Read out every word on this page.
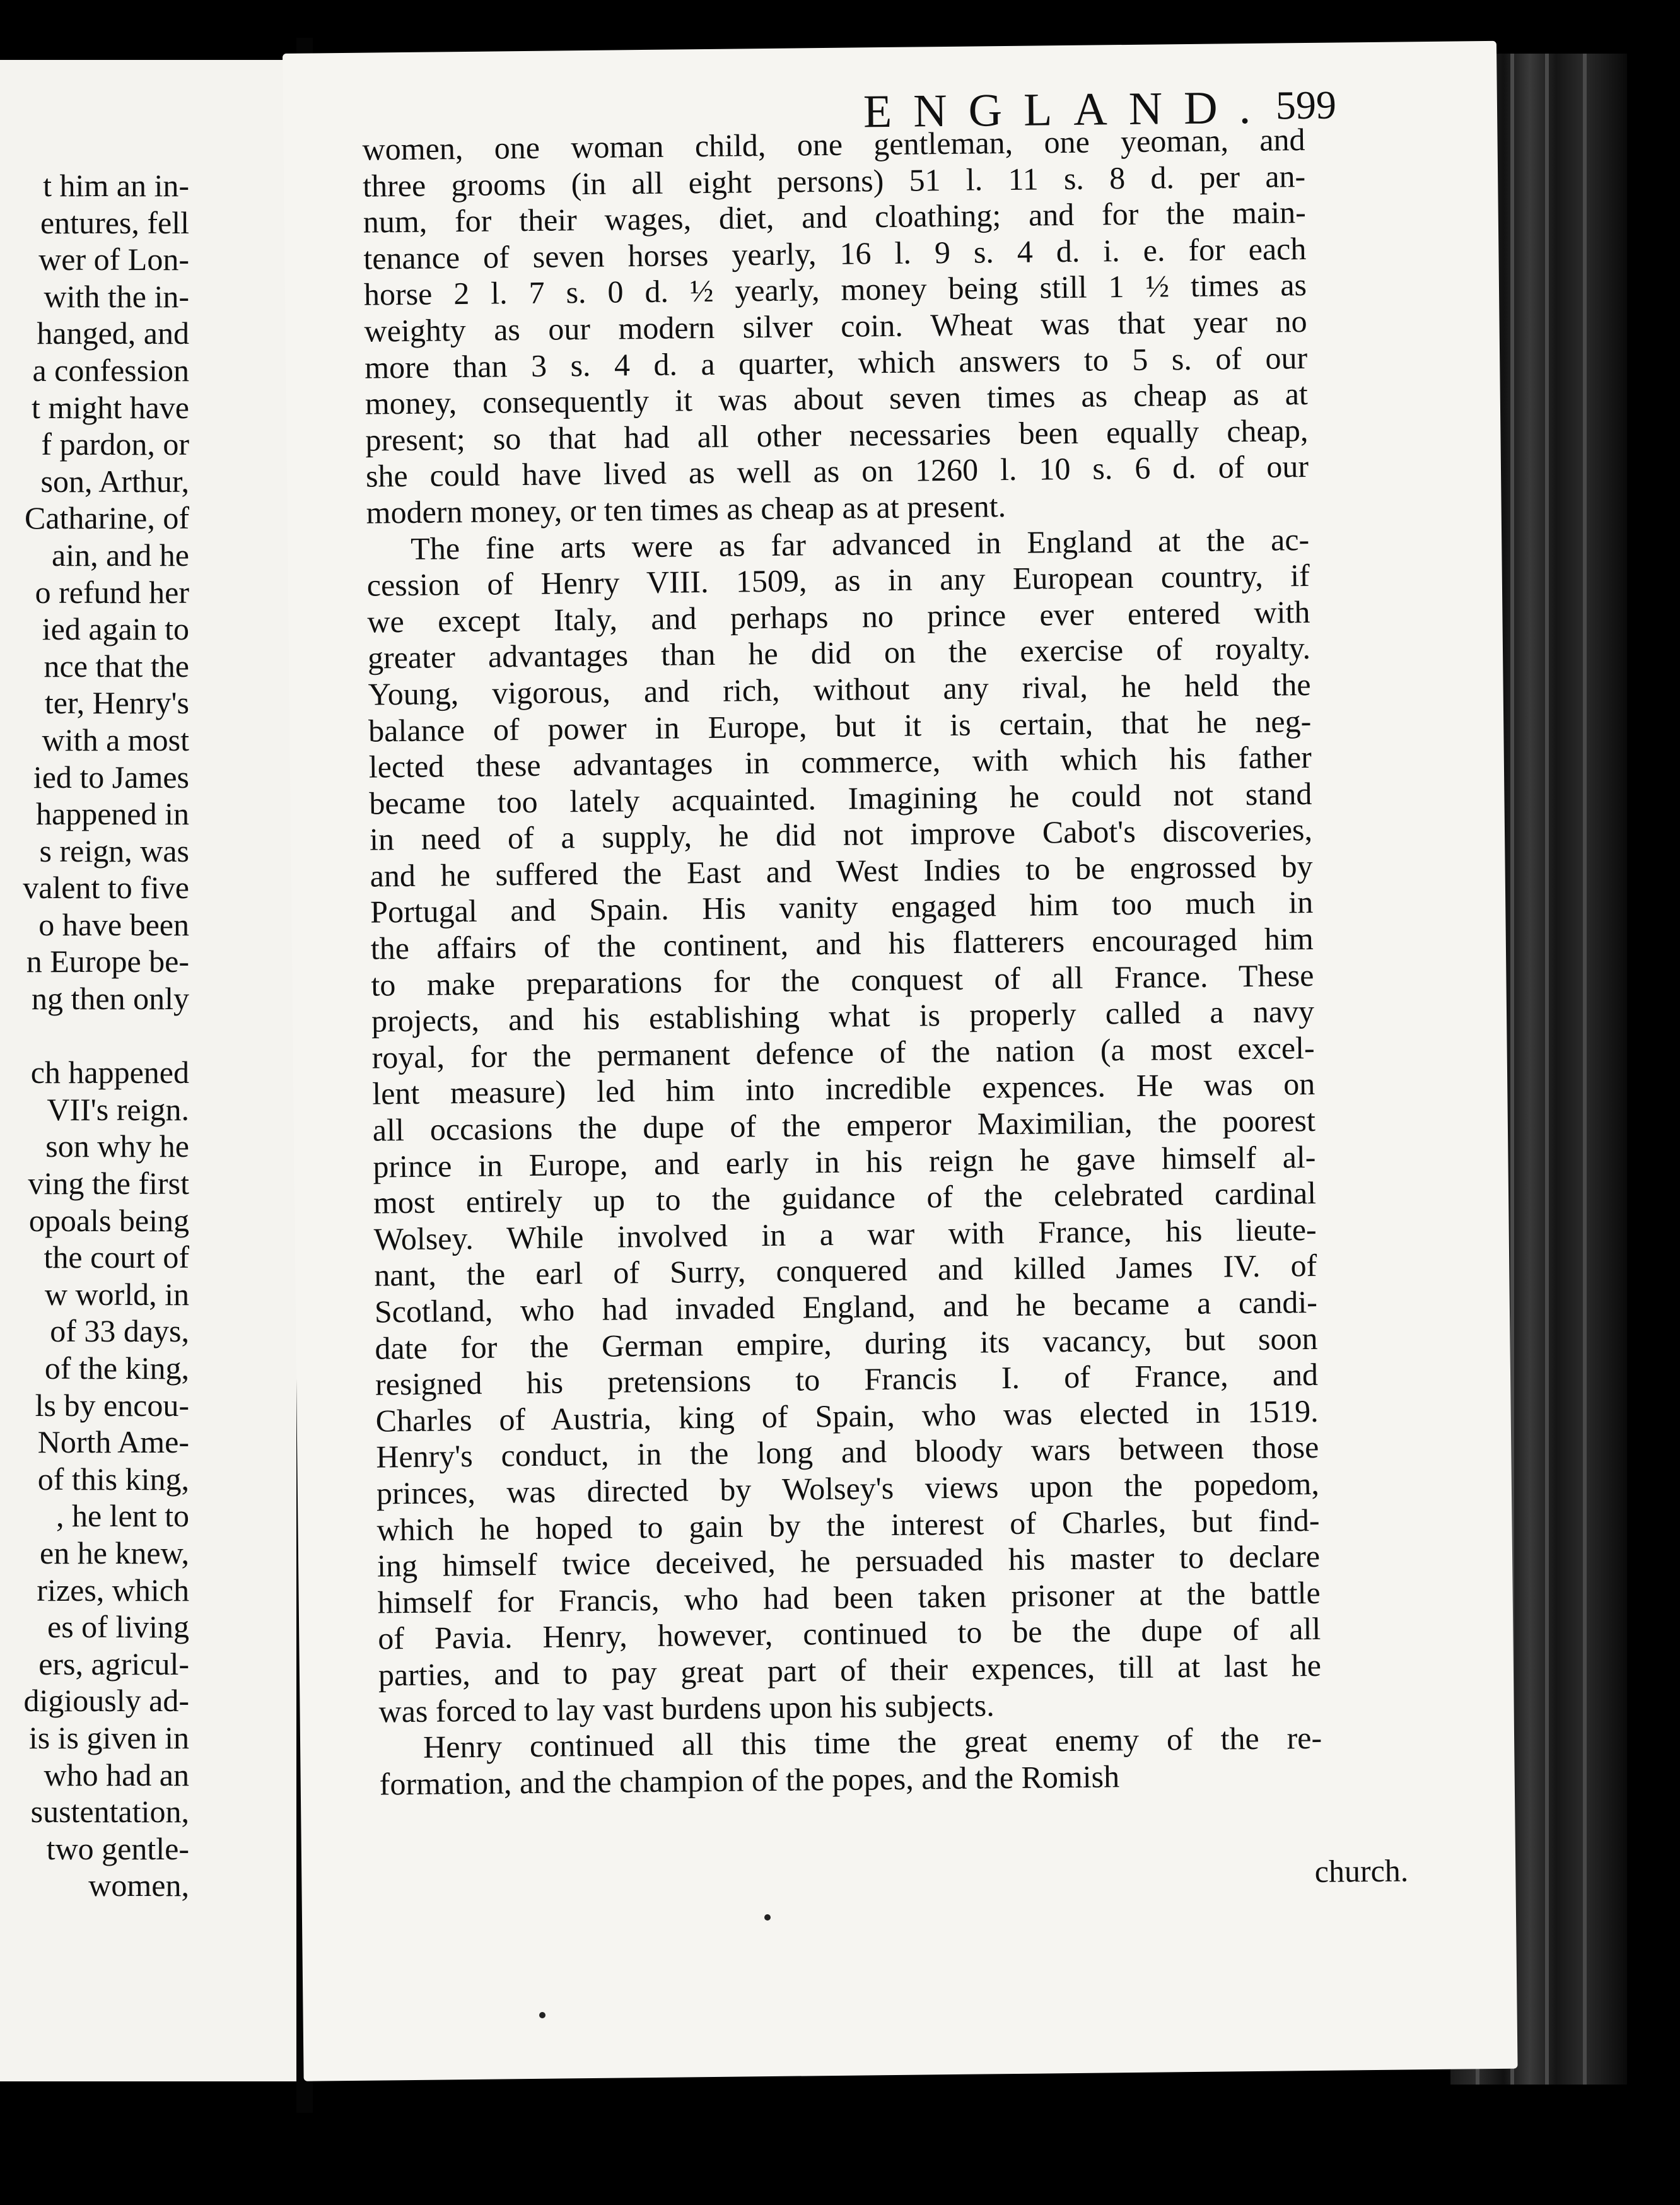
t him an in-
entures, fell
wer of Lon-
with the in-
hanged, and
a confession
t might have
f pardon, or
son, Arthur,
Catharine, of
ain, and he
o refund her
ied again to
nce that the
ter, Henry's
with a most
ied to James
happened in
s reign, was
valent to five
o have been
n Europe be-
ng then only
ch happened
VII's reign.
son why he
ving the first
opoals being
the court of
w world, in
of 33 days,
of the king,
ls by encou-
North Ame-
of this king,
, he lent to
en he knew,
rizes, which
es of living
ers, agricul-
digiously ad-
is is given in
who had an
sustentation,
two gentle-
women,
ENGLAND. 599
women, one woman child, one gentleman, one yeoman, and
three grooms (in all eight persons) 51 l. 11 s. 8 d. per an-
num, for their wages, diet, and cloathing; and for the main-
tenance of seven horses yearly, 16 l. 9 s. 4 d. i. e. for each
horse 2 l. 7 s. 0 d. ½ yearly, money being still 1 ½ times as
weighty as our modern silver coin. Wheat was that year no
more than 3 s. 4 d. a quarter, which answers to 5 s. of our
money, consequently it was about seven times as cheap as at
present; so that had all other necessaries been equally cheap,
she could have lived as well as on 1260 l. 10 s. 6 d. of our
modern money, or ten times as cheap as at present.
The fine arts were as far advanced in England at the ac-
cession of Henry VIII. 1509, as in any European country, if
we except Italy, and perhaps no prince ever entered with
greater advantages than he did on the exercise of royalty.
Young, vigorous, and rich, without any rival, he held the
balance of power in Europe, but it is certain, that he neg-
lected these advantages in commerce, with which his father
became too lately acquainted. Imagining he could not stand
in need of a supply, he did not improve Cabot's discoveries,
and he suffered the East and West Indies to be engrossed by
Portugal and Spain. His vanity engaged him too much in
the affairs of the continent, and his flatterers encouraged him
to make preparations for the conquest of all France. These
projects, and his establishing what is properly called a navy
royal, for the permanent defence of the nation (a most excel-
lent measure) led him into incredible expences. He was on
all occasions the dupe of the emperor Maximilian, the poorest
prince in Europe, and early in his reign he gave himself al-
most entirely up to the guidance of the celebrated cardinal
Wolsey. While involved in a war with France, his lieute-
nant, the earl of Surry, conquered and killed James IV. of
Scotland, who had invaded England, and he became a candi-
date for the German empire, during its vacancy, but soon
resigned his pretensions to Francis I. of France, and
Charles of Austria, king of Spain, who was elected in 1519.
Henry's conduct, in the long and bloody wars between those
princes, was directed by Wolsey's views upon the popedom,
which he hoped to gain by the interest of Charles, but find-
ing himself twice deceived, he persuaded his master to declare
himself for Francis, who had been taken prisoner at the battle
of Pavia. Henry, however, continued to be the dupe of all
parties, and to pay great part of their expences, till at last he
was forced to lay vast burdens upon his subjects.
Henry continued all this time the great enemy of the re-
formation, and the champion of the popes, and the Romish
church.
